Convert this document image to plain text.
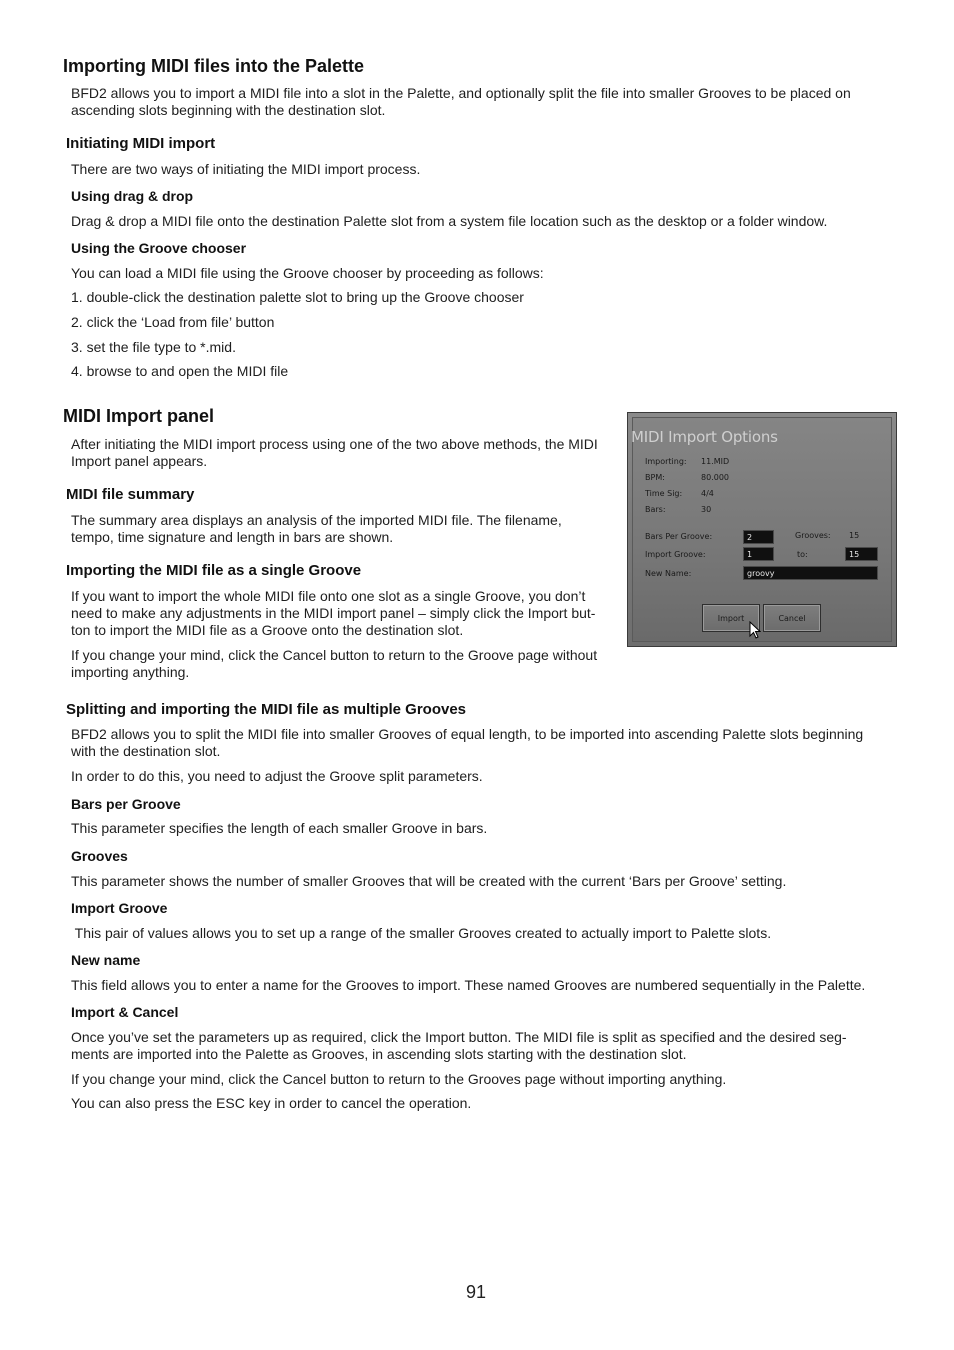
Importing MIDI files into the Palette
BFD2 allows you to import a MIDI file into a slot in the Palette, and optionally split the file into smaller Grooves to be placed on ascending slots beginning with the destination slot.
Initiating MIDI import
There are two ways of initiating the MIDI import process.
Using drag & drop
Drag & drop a MIDI file onto the destination Palette slot from a system file location such as the desktop or a folder window.
Using the Groove chooser
You can load a MIDI file using the Groove chooser by proceeding as follows:
1. double-click the destination palette slot to bring up the Groove chooser
2. click the ‘Load from file’ button
3. set the file type to *.mid.
4. browse to and open the MIDI file
MIDI Import panel
After initiating the MIDI import process using one of the two above methods, the MIDI
Import panel appears.
MIDI file summary
The summary area displays an analysis of the imported MIDI file. The filename,
tempo, time signature and length in bars are shown.
Importing the MIDI file as a single Groove
If you want to import the whole MIDI file onto one slot as a single Groove, you don’t
need to make any adjustments in the MIDI import panel – simply click the Import but-
ton to import the MIDI file as a Groove onto the destination slot.
If you change your mind, click the Cancel button to return to the Groove page without
importing anything.
MIDI Import Options
Importing: 11.MID
BPM:	80.000
Time Sig: 4/4
Bars:	30
Bars Per Groove:	2	Grooves: 15
Import Groove:	1	to:	15
New Name:	groovy
Import	Cancel
Splitting and importing the MIDI file as multiple Grooves
BFD2 allows you to split the MIDI file into smaller Grooves of equal length, to be imported into ascending Palette slots beginning with the destination slot.
In order to do this, you need to adjust the Groove split parameters.
Bars per Groove
This parameter specifies the length of each smaller Groove in bars.
Grooves
This parameter shows the number of smaller Grooves that will be created with the current ‘Bars per Groove’ setting.
Import Groove
This pair of values allows you to set up a range of the smaller Grooves created to actually import to Palette slots.
New name
This field allows you to enter a name for the Grooves to import. These named Grooves are numbered sequentially in the Palette.
Import & Cancel
Once you’ve set the parameters up as required, click the Import button. The MIDI file is split as specified and the desired seg-
ments are imported into the Palette as Grooves, in ascending slots starting with the destination slot.
If you change your mind, click the Cancel button to return to the Grooves page without importing anything.
You can also press the ESC key in order to cancel the operation.
91
